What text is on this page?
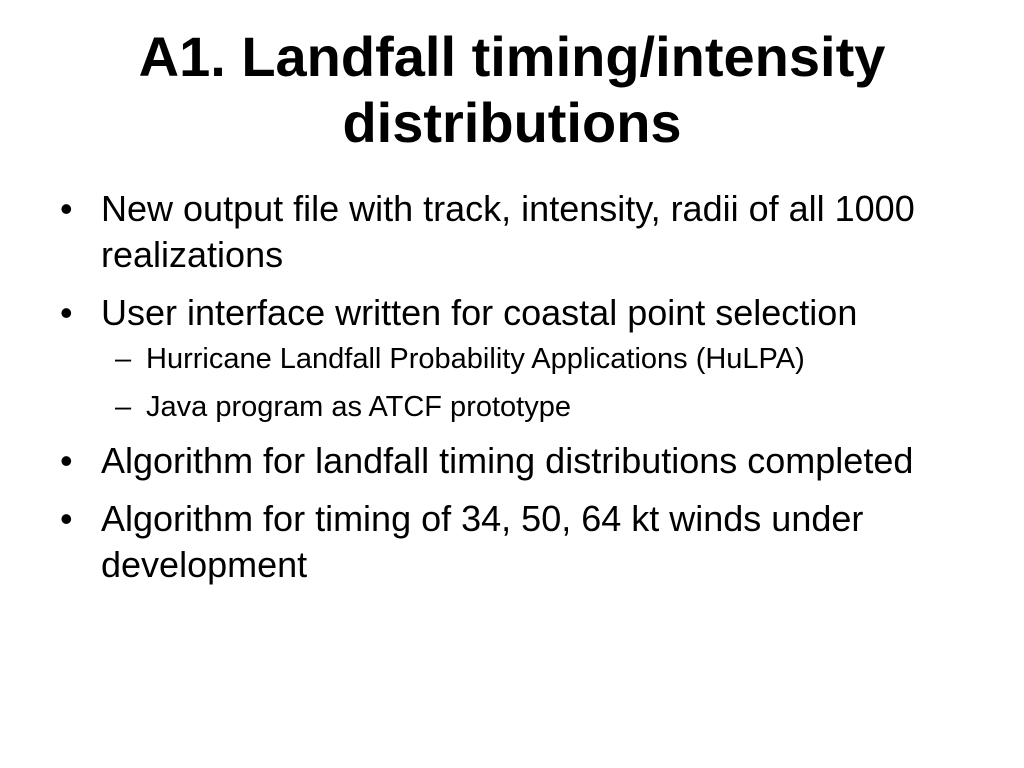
A1. Landfall timing/intensity distributions
• New output file with track, intensity, radii of all 1000 realizations
• User interface written for coastal point selection
– Hurricane Landfall Probability Applications (HuLPA)
– Java program as ATCF prototype
• Algorithm for landfall timing distributions completed
• Algorithm for timing of 34, 50, 64 kt winds under development
